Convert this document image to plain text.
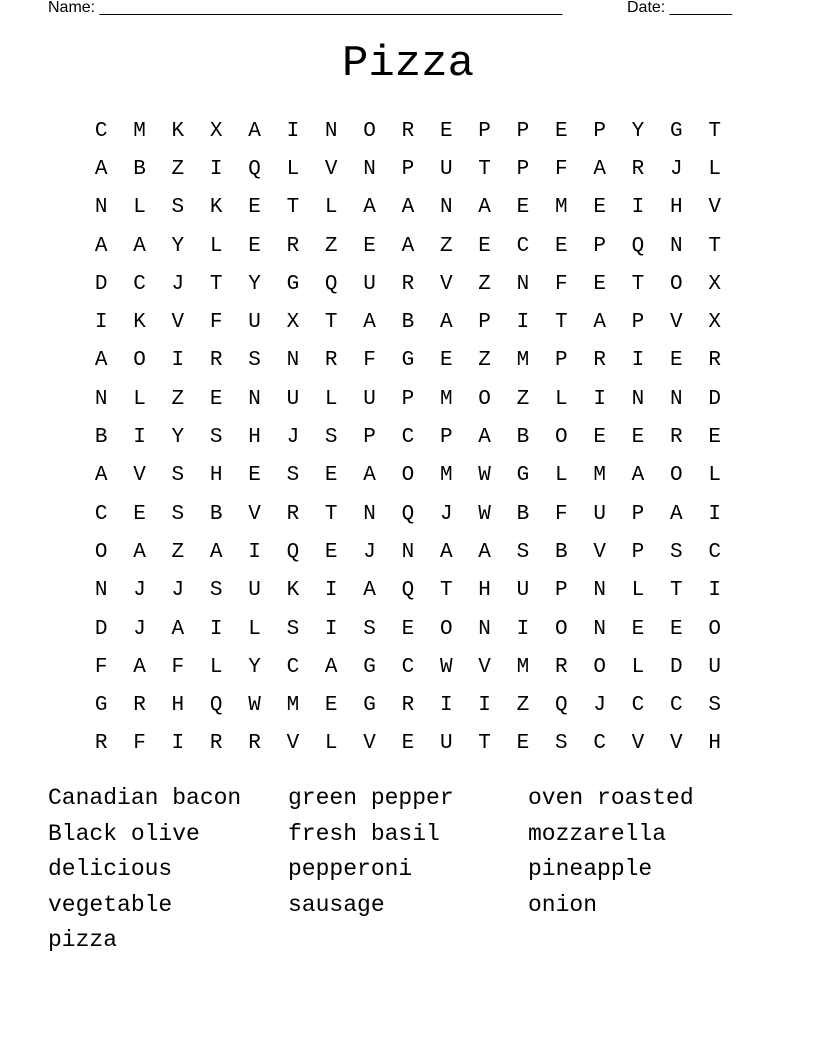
Name: ____________________________________________________	Date: _______
Pizza
C	M	K	X	A	I	N	O	R	E	P	P	E	P	Y	G	T
A	B	Z	I	Q	L	V	N	P	U	T	P	F	A	R	J	L
N	L	S	K	E	T	L	A	A	N	A	E	M	E	I	H	V
A	A	Y	L	E	R	Z	E	A	Z	E	C	E	P	Q	N	T
D	C	J	T	Y	G	Q	U	R	V	Z	N	F	E	T	O	X
I	K	V	F	U	X	T	A	B	A	P	I	T	A	P	V	X
A	O	I	R	S	N	R	F	G	E	Z	M	P	R	I	E	R
N	L	Z	E	N	U	L	U	P	M	O	Z	L	I	N	N	D
B	I	Y	S	H	J	S	P	C	P	A	B	O	E	E	R	E
A	V	S	H	E	S	E	A	O	M	W	G	L	M	A	O	L
C	E	S	B	V	R	T	N	Q	J	W	B	F	U	P	A	I
O	A	Z	A	I	Q	E	J	N	A	A	S	B	V	P	S	C
N	J	J	S	U	K	I	A	Q	T	H	U	P	N	L	T	I
D	J	A	I	L	S	I	S	E	O	N	I	O	N	E	E	O
F	A	F	L	Y	C	A	G	C	W	V	M	R	O	L	D	U
G	R	H	Q	W	M	E	G	R	I	I	Z	Q	J	C	C	S
R	F	I	R	R	V	L	V	E	U	T	E	S	C	V	V	H
Canadian bacon	green pepper	oven roasted
Black olive	fresh basil	mozzarella
delicious	pepperoni	pineapple
vegetable	sausage	onion
pizza
